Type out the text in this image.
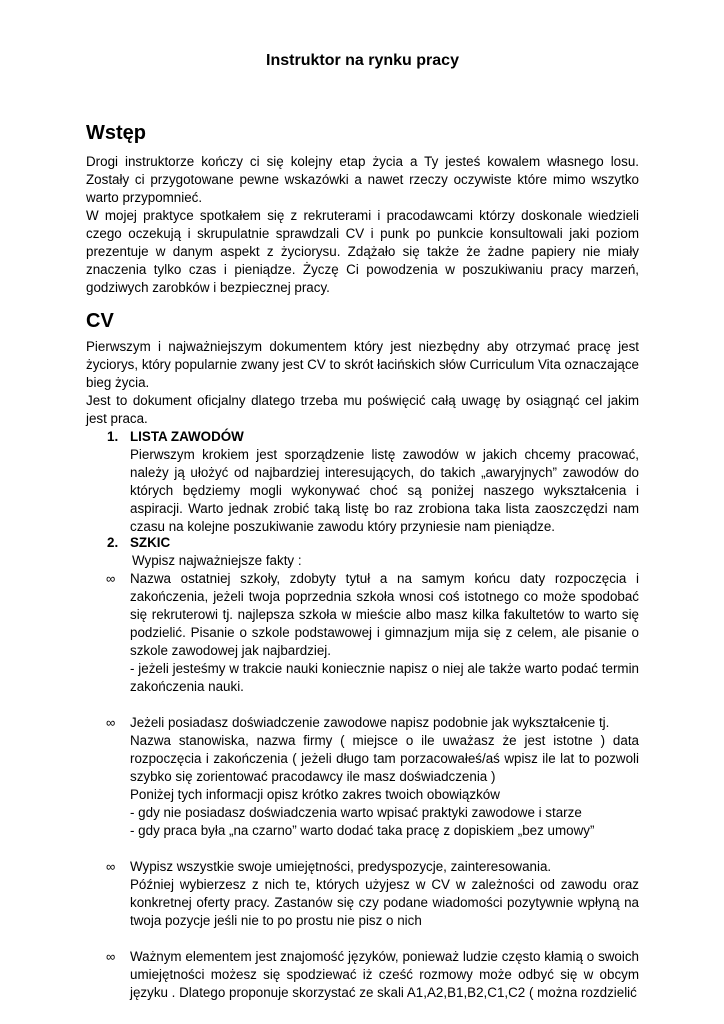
Instruktor na rynku pracy
Wstęp

Drogi instruktorze kończy ci się kolejny etap życia a Ty jesteś kowalem własnego losu. Zostały ci przygotowane pewne wskazówki a nawet rzeczy oczywiste które mimo wszytko warto przypomnieć.

W mojej praktyce spotkałem się z rekruterami i pracodawcami którzy doskonale wiedzieli czego oczekują i skrupulatnie sprawdzali CV i punk po punkcie konsultowali jaki poziom prezentuje w danym aspekt z życiorysu. Zdążało się także że żadne papiery nie miały znaczenia tylko czas i pieniądze. Życzę Ci powodzenia w poszukiwaniu pracy marzeń, godziwych zarobków i bezpiecznej pracy.

CV

Pierwszym i najważniejszym dokumentem który jest niezbędny aby otrzymać pracę jest życiorys, który popularnie zwany jest CV to skrót łacińskich słów Curriculum Vita oznaczające bieg życia.

Jest to dokument oficjalny dlatego trzeba mu poświęcić całą uwagę by osiągnąć cel jakim jest praca.

1. LISTA ZAWODÓW

Pierwszym krokiem jest sporządzenie listę zawodów w jakich chcemy pracować, należy ją ułożyć od najbardziej interesujących, do takich „awaryjnych” zawodów do których będziemy mogli wykonywać choć są poniżej naszego wykształcenia i aspiracji. Warto jednak zrobić taką listę bo raz zrobiona taka lista zaoszczędzi nam czasu na kolejne poszukiwanie zawodu który przyniesie nam pieniądze.

2. SZKIC

Wypisz najważniejsze fakty :

∞ Nazwa ostatniej szkoły, zdobyty tytuł a na samym końcu daty rozpoczęcia i zakończenia, jeżeli twoja poprzednia szkoła wnosi coś istotnego co może spodobać się rekruterowi tj. najlepsza szkoła w mieście albo masz kilka fakultetów to warto się podzielić. Pisanie o szkole podstawowej i gimnazjum mija się z celem, ale pisanie o szkole zawodowej jak najbardziej.

- jeżeli jesteśmy w trakcie nauki koniecznie napisz o niej ale także warto podać termin zakończenia nauki.

∞ Jeżeli posiadasz doświadczenie zawodowe napisz podobnie jak wykształcenie tj.

Nazwa stanowiska, nazwa firmy ( miejsce o ile uważasz że jest istotne ) data rozpoczęcia i zakończenia ( jeżeli długo tam porzacowałeś/aś wpisz ile lat to pozwoli szybko się zorientować pracodawcy ile masz doświadczenia )

Poniżej tych informacji opisz krótko zakres twoich obowiązków

- gdy nie posiadasz doświadczenia warto wpisać praktyki zawodowe i starze

- gdy praca była „na czarno” warto dodać taka pracę z dopiskiem „bez umowy”

∞ Wypisz wszystkie swoje umiejętności, predyspozycje, zainteresowania.

Później wybierzesz z nich te, których użyjesz w CV w zależności od zawodu oraz konkretnej oferty pracy. Zastanów się czy podane wiadomości pozytywnie wpłyną na twoja pozycje jeśli nie to po prostu nie pisz o nich

∞ Ważnym elementem jest znajomość języków, ponieważ ludzie często kłamią o swoich umiejętności możesz się spodziewać iż cześć rozmowy może odbyć się w obcym języku . Dlatego proponuje skorzystać ze skali A1,A2,B1,B2,C1,C2 ( można rozdzielić
